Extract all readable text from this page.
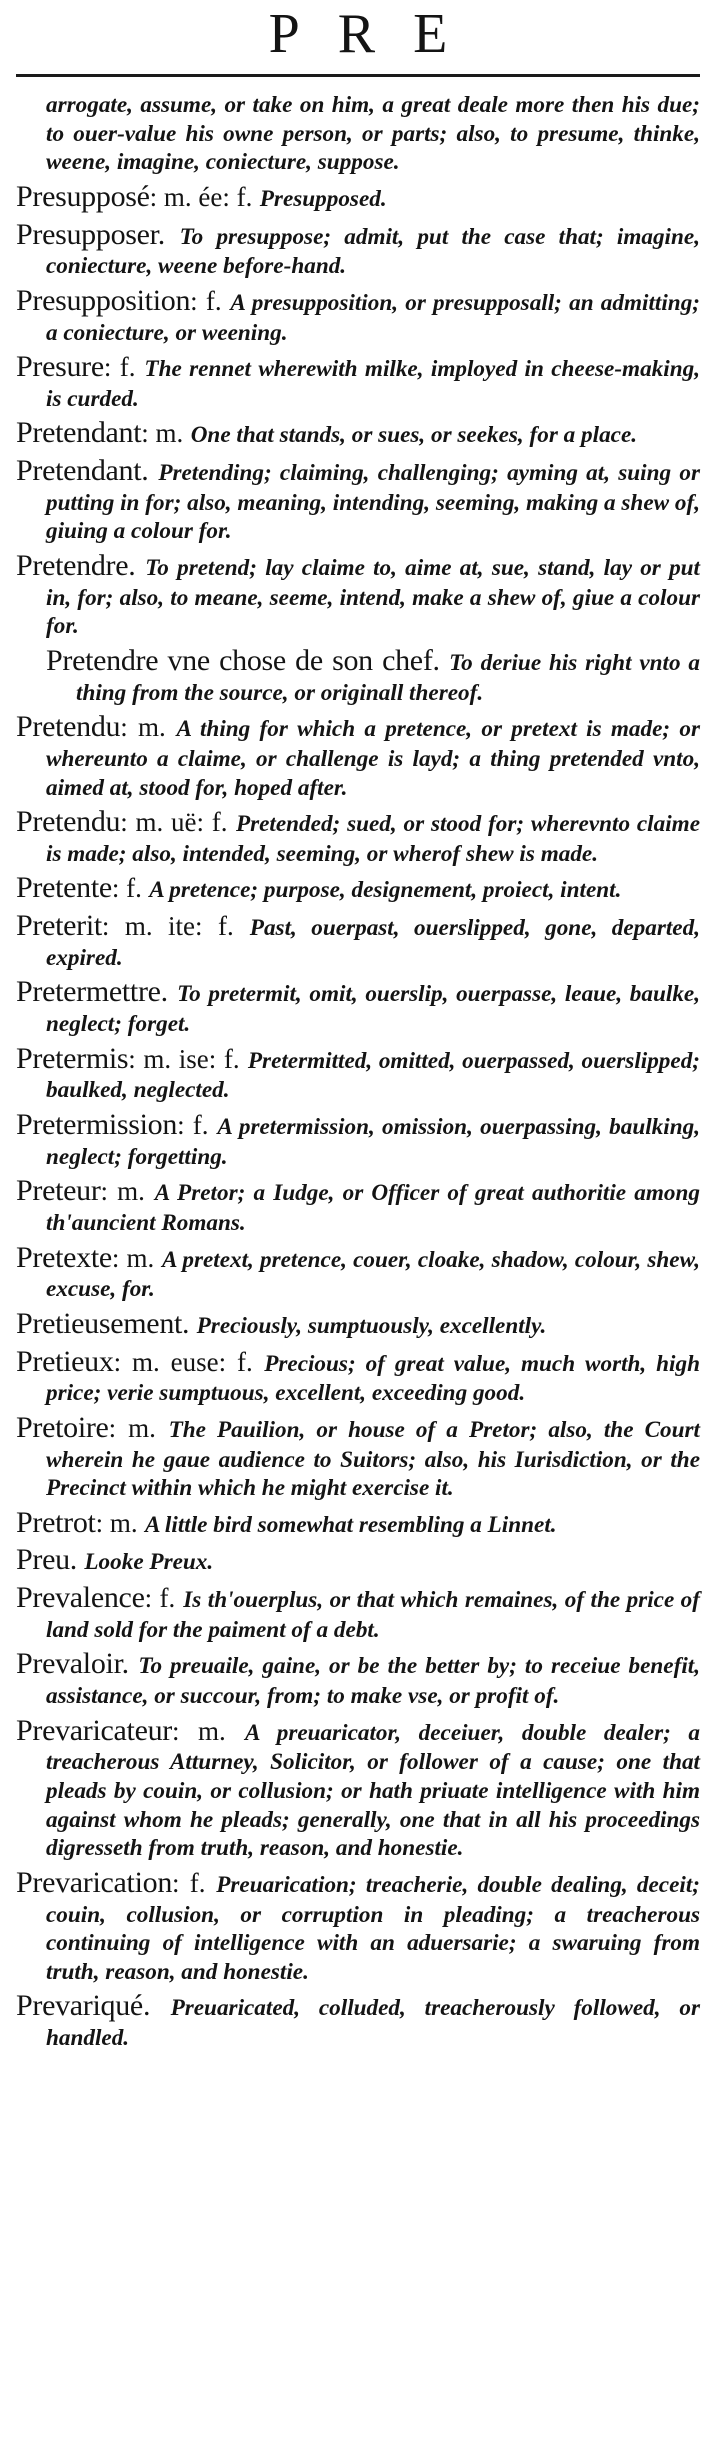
PRE

arrogate, assume, or take on him, a great deale more then his due; to ouer-value his owne person, or parts; also, to presume, thinke, weene, imagine, coniecture, suppose.

Presupposé: m. ée: f. Presupposed.

Presupposer. To presuppose; admit, put the case that; imagine, coniecture, weene before-hand.

Presupposition: f. A presupposition, or presupposall; an admitting; a coniecture, or weening.

Presure: f. The rennet wherewith milke, imployed in cheese-making, is curded.

Pretendant: m. One that stands, or sues, or seekes, for a place.

Pretendant. Pretending; claiming, challenging; ayming at, suing or putting in for; also, meaning, intending, seeming, making a shew of, giuing a colour for.

Pretendre. To pretend; lay claime to, aime at, sue, stand, lay or put in, for; also, to meane, seeme, intend, make a shew of, giue a colour for.

Pretendre vne chose de son chef. To deriue his right vnto a thing from the source, or originall thereof.

Pretendu: m. A thing for which a pretence, or pretext is made; or whereunto a claime, or challenge is layd; a thing pretended vnto, aimed at, stood for, hoped after.

Pretendu: m. uë: f. Pretended; sued, or stood for; wherevnto claime is made; also, intended, seeming, or wherof shew is made.

Pretente: f. A pretence; purpose, designement, proiect, intent.

Preterit: m. ite: f. Past, ouerpast, ouerslipped, gone, departed, expired.

Pretermettre. To pretermit, omit, ouerslip, ouerpasse, leaue, baulke, neglect; forget.

Pretermis: m. ise: f. Pretermitted, omitted, ouerpassed, ouerslipped; baulked, neglected.

Pretermission: f. A pretermission, omission, ouerpassing, baulking, neglect; forgetting.

Preteur: m. A Pretor; a Iudge, or Officer of great authoritie among th'auncient Romans.

Pretexte: m. A pretext, pretence, couer, cloake, shadow, colour, shew, excuse, for.

Pretieusement. Preciously, sumptuously, excellently.

Pretieux: m. euse: f. Precious; of great value, much worth, high price; verie sumptuous, excellent, exceeding good.

Pretoire: m. The Pauilion, or house of a Pretor; also, the Court wherein he gaue audience to Suitors; also, his Iurisdiction, or the Precinct within which he might exercise it.

Pretrot: m. A little bird somewhat resembling a Linnet.

Preu. Looke Preux.

Prevalence: f. Is th'ouerplus, or that which remaines, of the price of land sold for the paiment of a debt.

Prevaloir. To preuaile, gaine, or be the better by; to receiue benefit, assistance, or succour, from; to make vse, or profit of.

Prevaricateur: m. A preuaricator, deceiuer, double dealer; a treacherous Atturney, Solicitor, or follower of a cause; one that pleads by couin, or collusion; or hath priuate intelligence with him against whom he pleads; generally, one that in all his proceedings digresseth from truth, reason, and honestie.

Prevarication: f. Preuarication; treacherie, double dealing, deceit; couin, collusion, or corruption in pleading; a treacherous continuing of intelligence with an aduersarie; a swaruing from truth, reason, and honestie.

Prevariqué. Preuaricated, colluded, treacherously followed, or handled.
